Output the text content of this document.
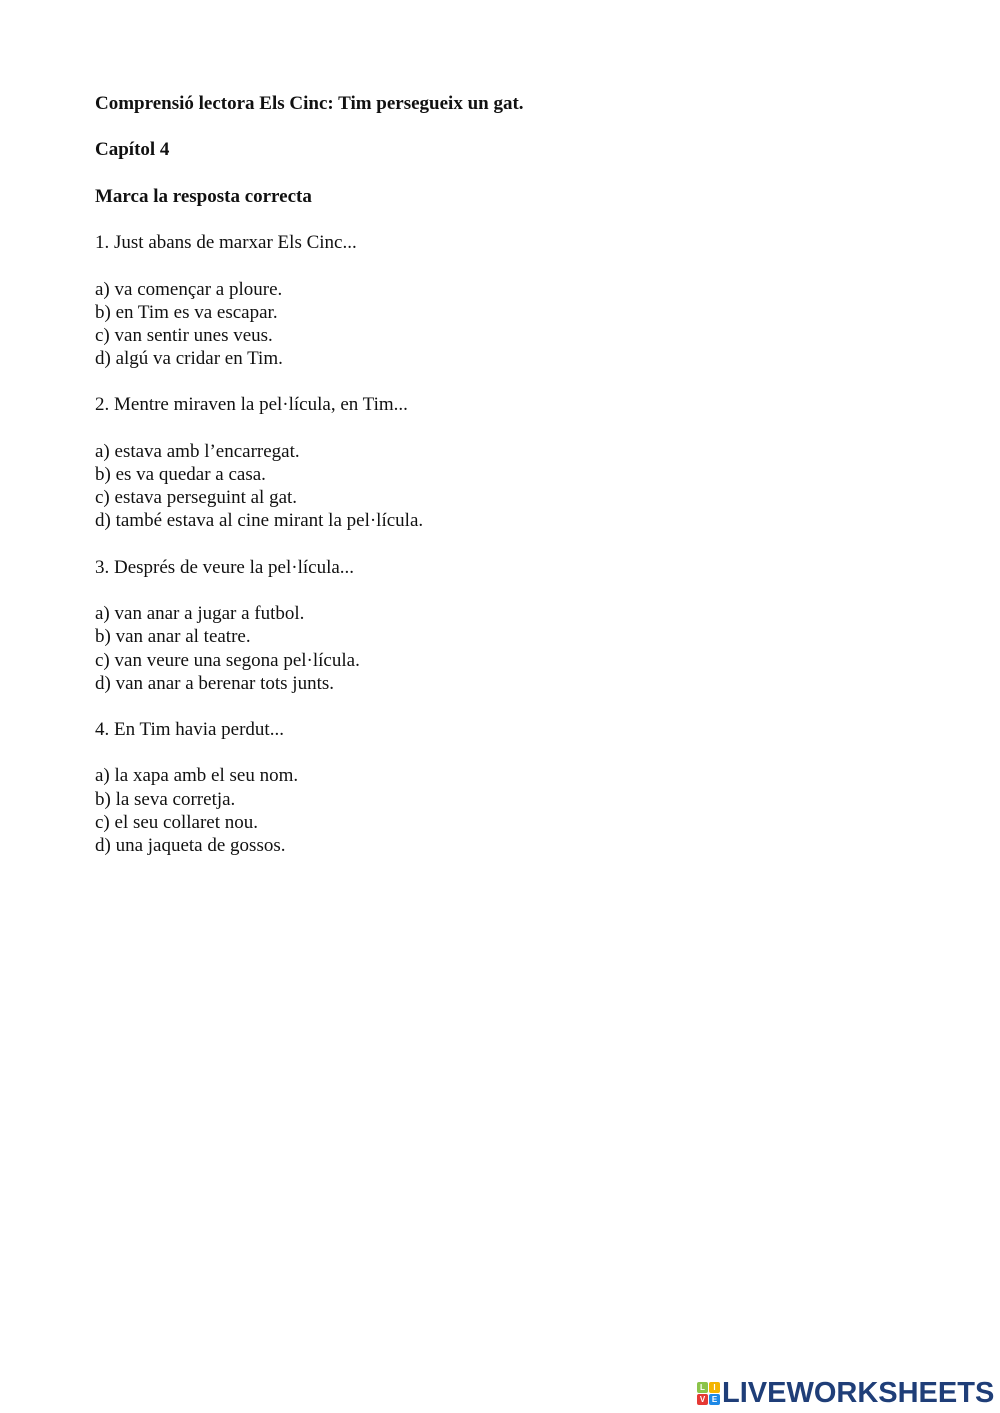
Comprensió lectora Els Cinc: Tim persegueix un gat.
Capítol 4
Marca la resposta correcta
1. Just abans de marxar Els Cinc...
a) va començar a ploure.
b) en Tim es va escapar.
c) van sentir unes veus.
d) algú va cridar en Tim.
2. Mentre miraven la pel·lícula, en Tim...
a) estava amb l’encarregat.
b) es va quedar a casa.
c) estava perseguint al gat.
d) també estava al cine mirant la pel·lícula.
3. Després de veure la pel·lícula...
a) van anar a jugar a futbol.
b) van anar al teatre.
c) van veure una segona pel·lícula.
d) van anar a berenar tots junts.
4. En Tim havia perdut...
a) la xapa amb el seu nom.
b) la seva corretja.
c) el seu collaret nou.
d) una jaqueta de gossos.
L	I
V E LIVEWORKSHEETS
